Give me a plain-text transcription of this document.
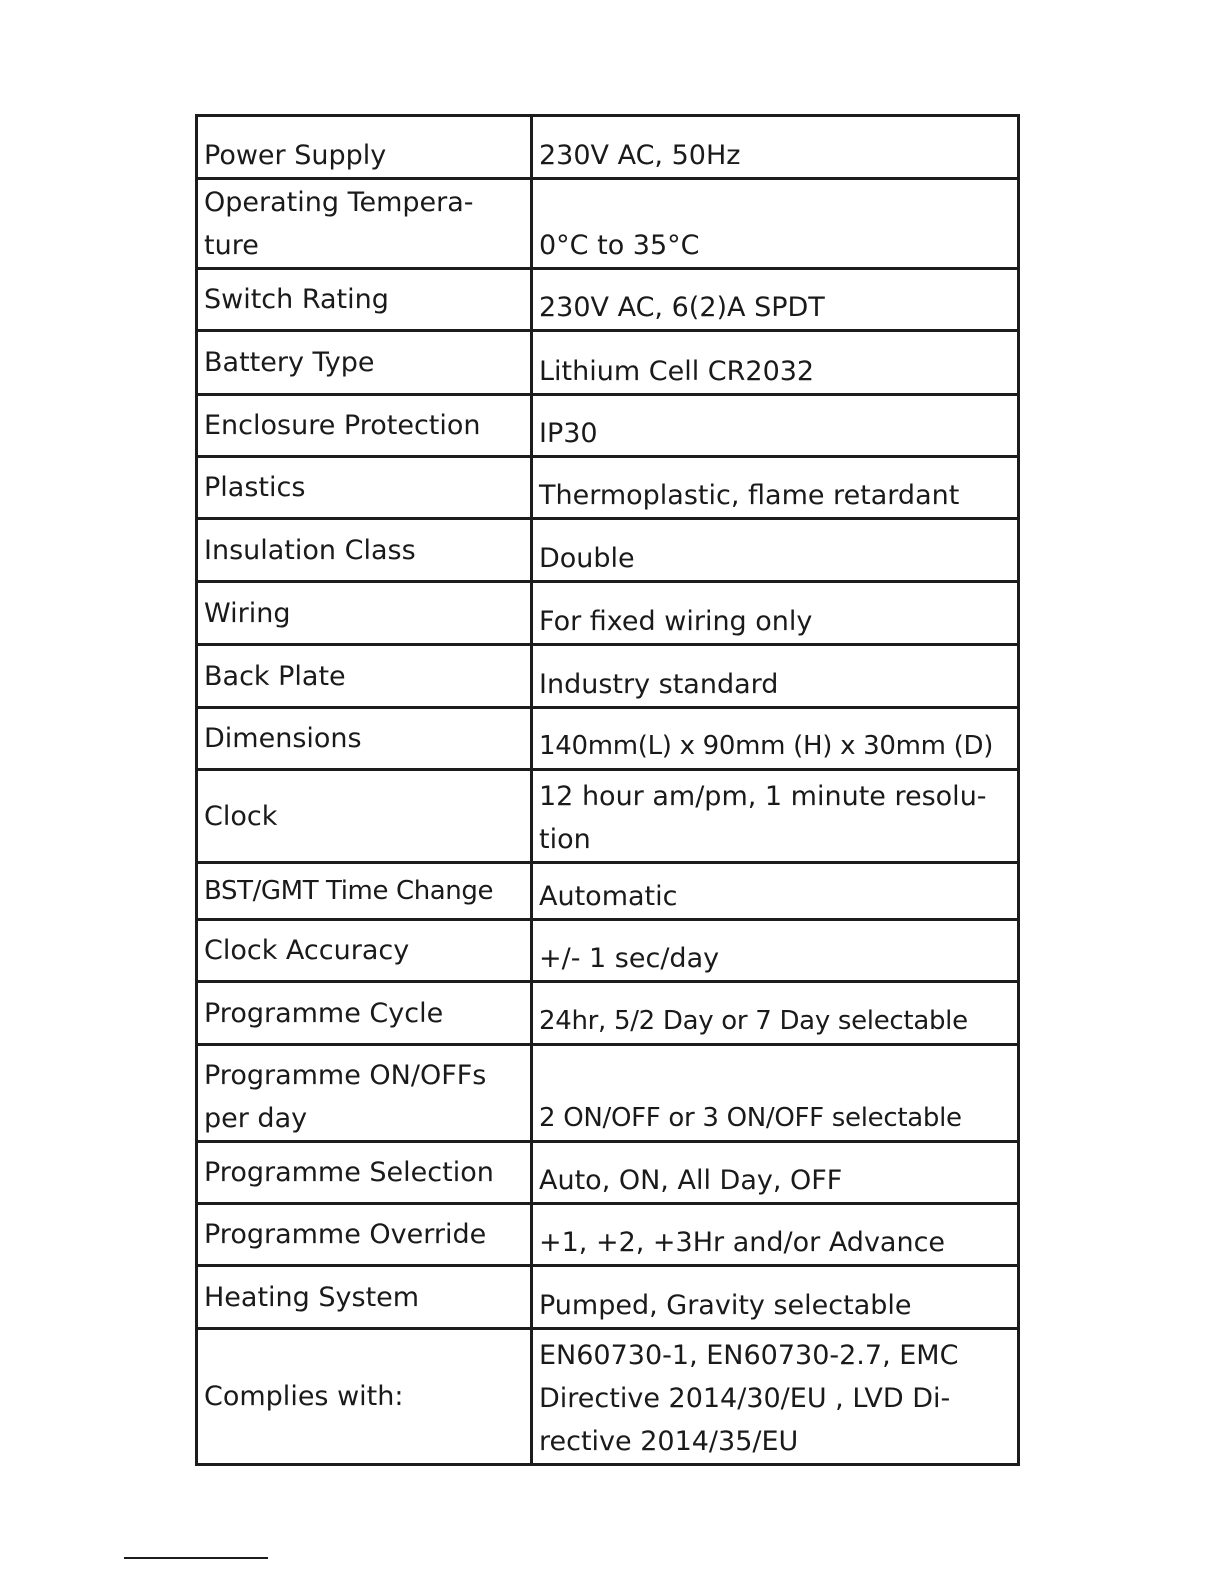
Power Supply	230V AC, 50Hz
Operating Tempera-
ture	0°C to 35°C
Switch Rating	230V AC, 6(2)A SPDT
Battery Type	Lithium Cell CR2032
Enclosure Protection	IP30
Plastics	Thermoplastic, flame retardant
Insulation Class	Double
Wiring	For fixed wiring only
Back Plate	Industry standard
Dimensions	140mm(L) x 90mm (H) x 30mm (D)
Clock	12 hour am/pm, 1 minute resolu-
tion
BST/GMT Time Change	Automatic
Clock Accuracy	+/- 1 sec/day
Programme Cycle	24hr, 5/2 Day or 7 Day selectable
Programme ON/OFFs
per day	2 ON/OFF or 3 ON/OFF selectable
Programme Selection	Auto, ON, All Day, OFF
Programme Override	+1, +2, +3Hr and/or Advance
Heating System	Pumped, Gravity selectable
Complies with:	EN60730-1, EN60730-2.7, EMC
Directive 2014/30/EU , LVD Di-
rective 2014/35/EU
